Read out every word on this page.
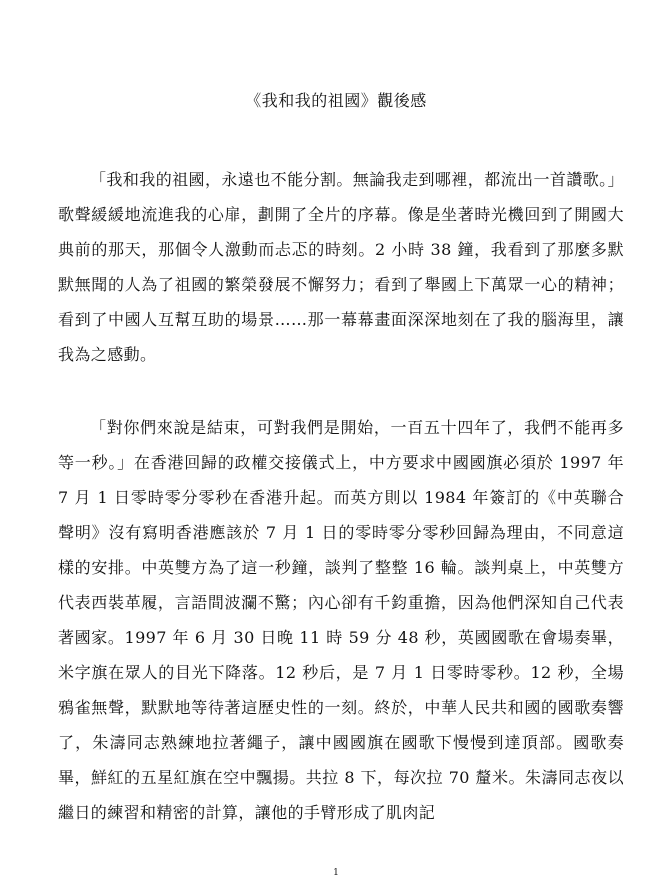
《我和我的祖國》觀後感

「我和我的祖國，永遠也不能分割。無論我走到哪裡，都流出一首讚歌。」歌聲緩緩地流進我的心扉，劃開了全片的序幕。像是坐著時光機回到了開國大典前的那天，那個令人激動而忐忑的時刻。2 小時 38 鐘，我看到了那麼多默默無聞的人為了祖國的繁榮發展不懈努力；看到了舉國上下萬眾一心的精神；看到了中國人互幫互助的場景……那一幕幕畫面深深地刻在了我的腦海里，讓我為之感動。

「對你們來說是結束，可對我們是開始，一百五十四年了，我們不能再多等一秒。」在香港回歸的政權交接儀式上，中方要求中國國旗必須於 1997 年 7 月 1 日零時零分零秒在香港升起。而英方則以 1984 年簽訂的《中英聯合聲明》沒有寫明香港應該於 7 月 1 日的零時零分零秒回歸為理由，不同意這樣的安排。中英雙方為了這一秒鐘，談判了整整 16 輪。談判桌上，中英雙方代表西裝革履，言語間波瀾不驚；內心卻有千鈞重擔，因為他們深知自己代表著國家。1997 年 6 月 30 日晚 11 時 59 分 48 秒，英國國歌在會場奏畢，米字旗在眾人的目光下降落。12 秒后，是 7 月 1 日零時零秒。12 秒，全場鴉雀無聲，默默地等待著這歷史性的一刻。終於，中華人民共和國的國歌奏響了，朱濤同志熟練地拉著繩子，讓中國國旗在國歌下慢慢到達頂部。國歌奏畢，鮮紅的五星紅旗在空中飄揚。共拉 8 下，每次拉 70 釐米。朱濤同志夜以繼日的練習和精密的計算，讓他的手臂形成了肌肉記

1
